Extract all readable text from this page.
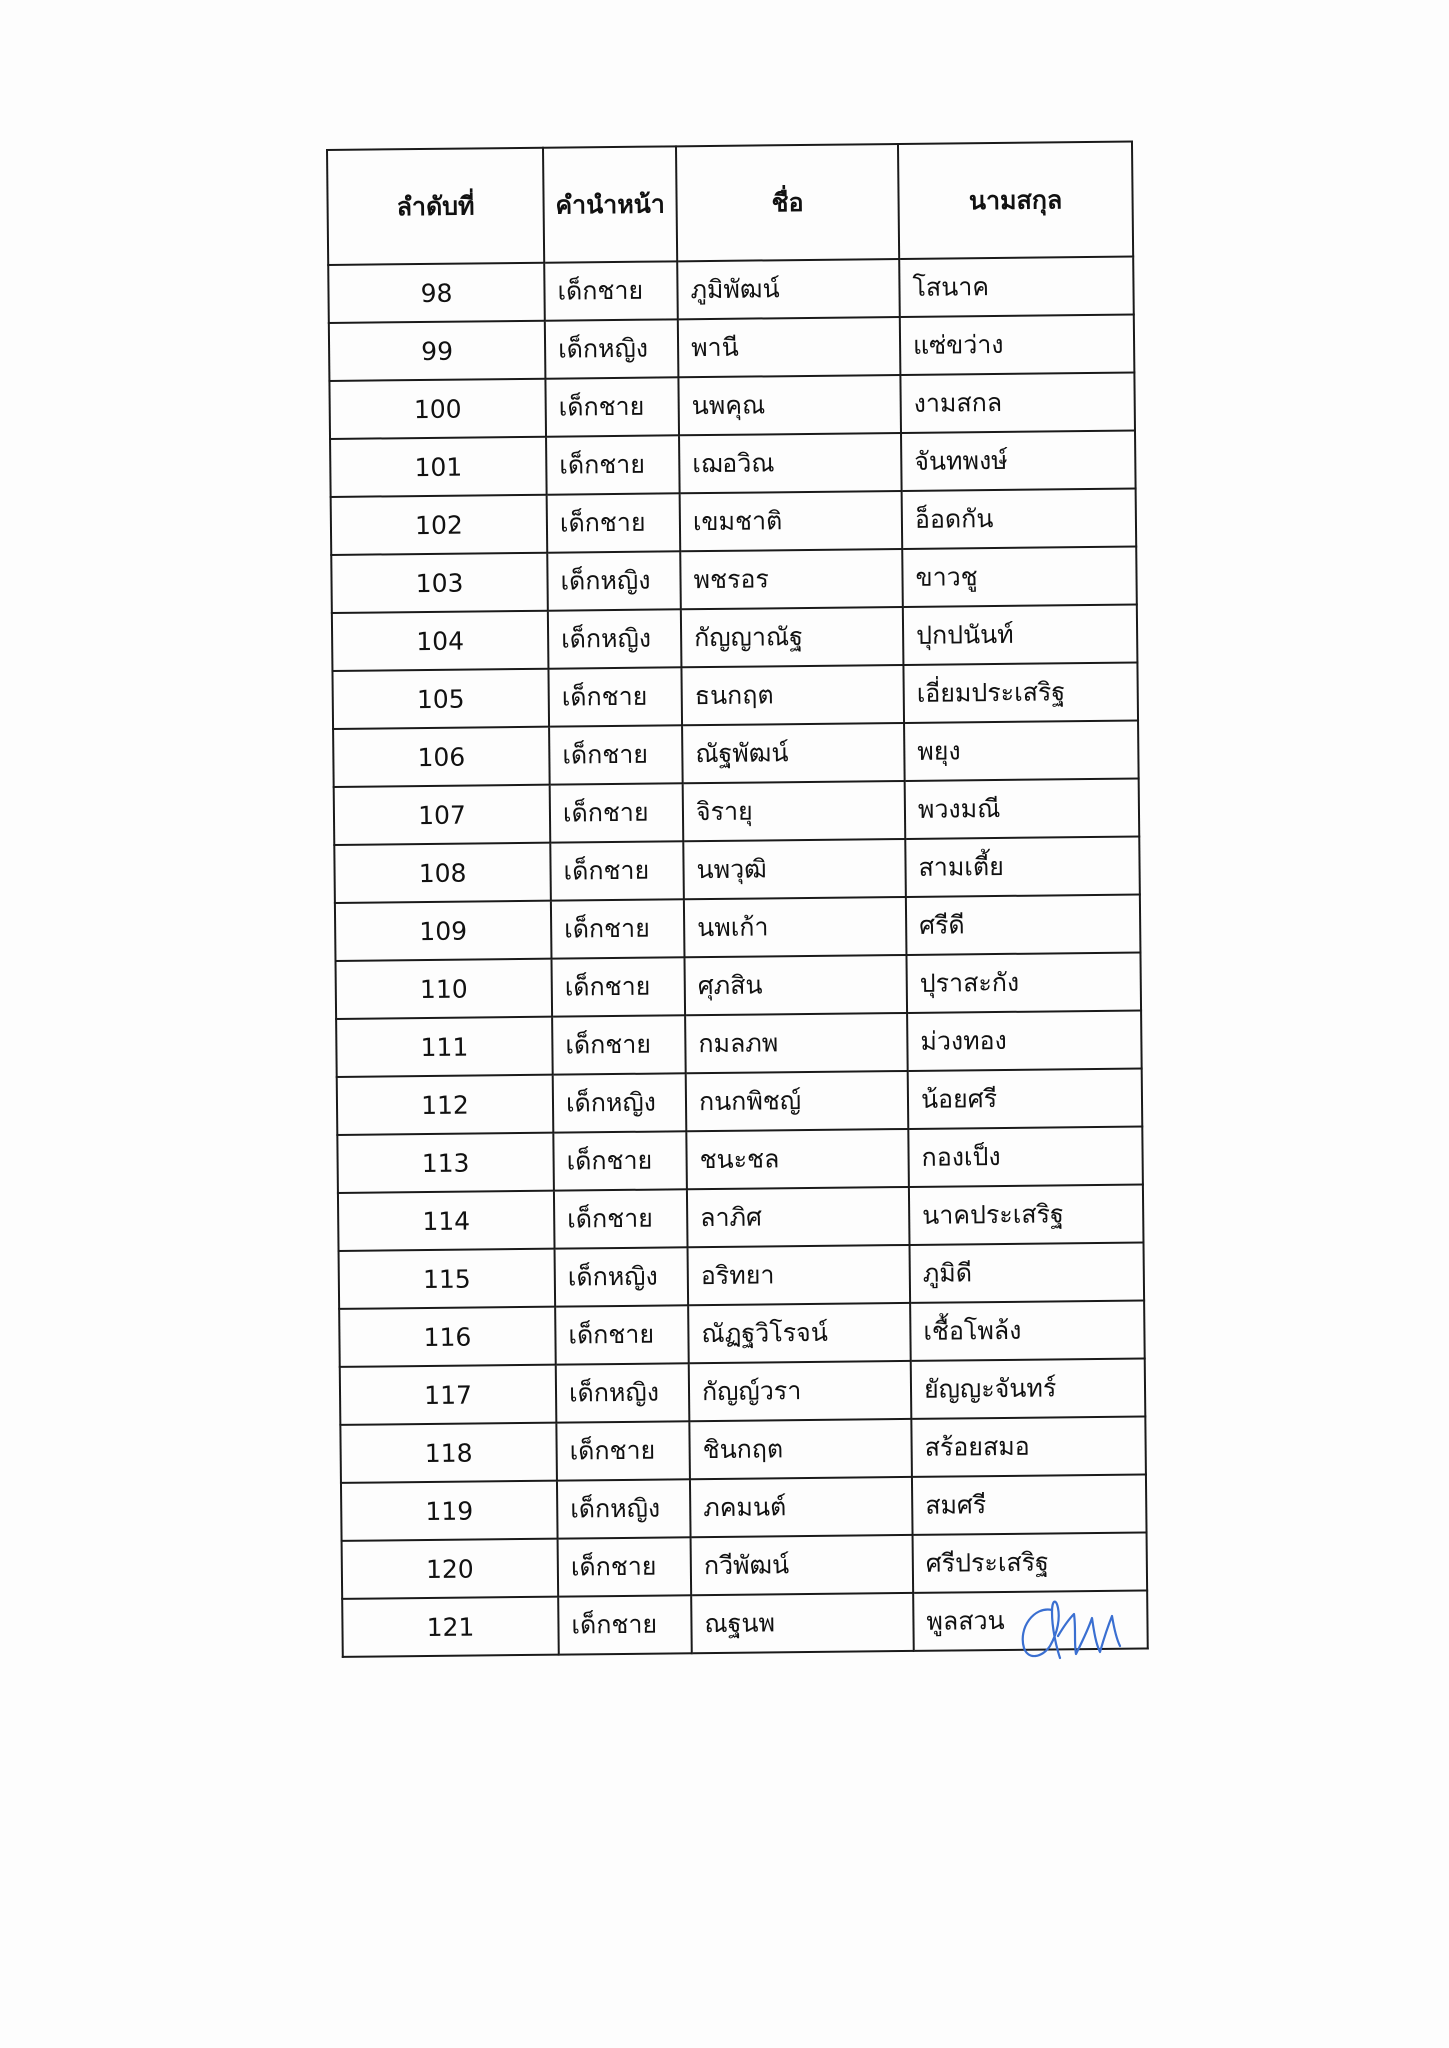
ลำดับที่	คำนำหน้า	ชื่อ	นามสกุล
98	เด็กชาย	ภูมิพัฒน์	โสนาค
99	เด็กหญิง	พานี	แซ่ขว่าง
100	เด็กชาย	นพคุณ	งามสกล
101	เด็กชาย	เฌอวิณ	จันทพงษ์
102	เด็กชาย	เขมชาติ	อ็อดกัน
103	เด็กหญิง	พชรอร	ขาวชู
104	เด็กหญิง	กัญญาณัฐ	ปุกปนันท์
105	เด็กชาย	ธนกฤต	เอี่ยมประเสริฐ
106	เด็กชาย	ณัฐพัฒน์	พยุง
107	เด็กชาย	จิรายุ	พวงมณี
108	เด็กชาย	นพวุฒิ	สามเตี้ย
109	เด็กชาย	นพเก้า	ศรีดี
110	เด็กชาย	ศุภสิน	ปุราสะกัง
111	เด็กชาย	กมลภพ	ม่วงทอง
112	เด็กหญิง	กนกพิชญ์	น้อยศรี
113	เด็กชาย	ชนะชล	กองเป็ง
114	เด็กชาย	ลาภิศ	นาคประเสริฐ
115	เด็กหญิง	อริทยา	ภูมิดี
116	เด็กชาย	ณัฏฐวิโรจน์	เชื้อโพล้ง
117	เด็กหญิง	กัญญ์วรา	ยัญญะจันทร์
118	เด็กชาย	ชินกฤต	สร้อยสมอ
119	เด็กหญิง	ภคมนต์	สมศรี
120	เด็กชาย	กวีพัฒน์	ศรีประเสริฐ
121	เด็กชาย	ณฐนพ	พูลสวน
